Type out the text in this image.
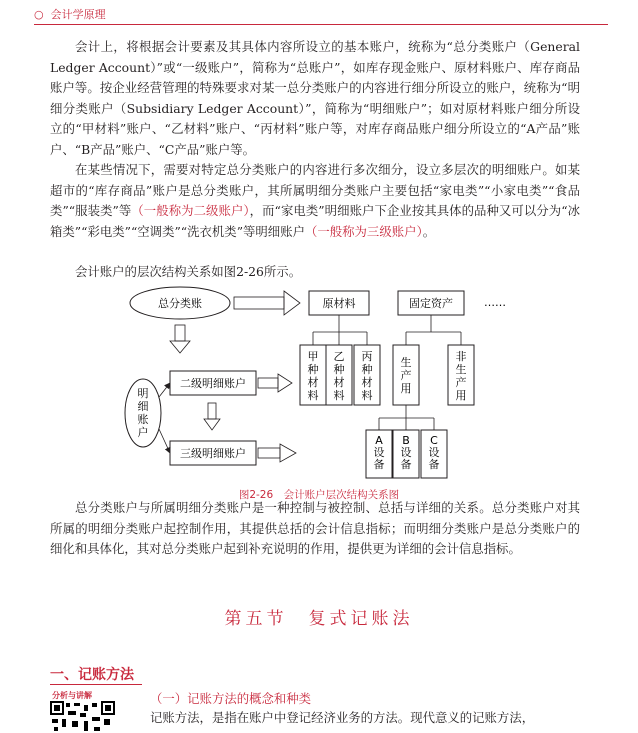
○  会计学原理

会计上，将根据会计要素及其具体内容所设立的基本账户，统称为“总分类账户（General Ledger Account）”或“一级账户”，简称为“总账户”，如库存现金账户、原材料账户、库存商品账户等。按企业经营管理的特殊要求对某一总分类账户的内容进行细分所设立的账户，统称为“明细分类账户（Subsidiary Ledger Account）”，简称为“明细账户”；如对原材料账户细分所设立的“甲材料”账户、“乙材料”账户、“丙材料”账户等，对库存商品账户细分所设立的“A产品”账户、“B产品”账户、“C产品”账户等。

在某些情况下，需要对特定总分类账户的内容进行多次细分，设立多层次的明细账户。如某超市的“库存商品”账户是总分类账户，其所属明细分类账户主要包括“家电类”“小家电类”“食品类”“服装类”等（一般称为二级账户），而“家电类”明细账户下企业按其具体的品种又可以分为“冰箱类”“彩电类”“空调类”“洗衣机类”等明细账户（一般称为三级账户）。

会计账户的层次结构关系如图2-26所示。

总分类账	原材料	固定资产	……
明细账户
二级明细账户
三级明细账户
甲种材料
乙种材料
丙种材料
生产用
非生产用
A 设备
B 设备
C 设备
图2-26　会计账户层次结构关系图

总分类账户与所属明细分类账户是一种控制与被控制、总括与详细的关系。总分类账户对其所属的明细分类账户起控制作用，其提供总括的会计信息指标；而明细分类账户是总分类账户的细化和具体化，其对总分类账户起到补充说明的作用，提供更为详细的会计信息指标。

第五节　复式记账法
一、记账方法
分析与讲解	（一）记账方法的概念和种类

记账方法，是指在账户中登记经济业务的方法。现代意义的记账方法，
